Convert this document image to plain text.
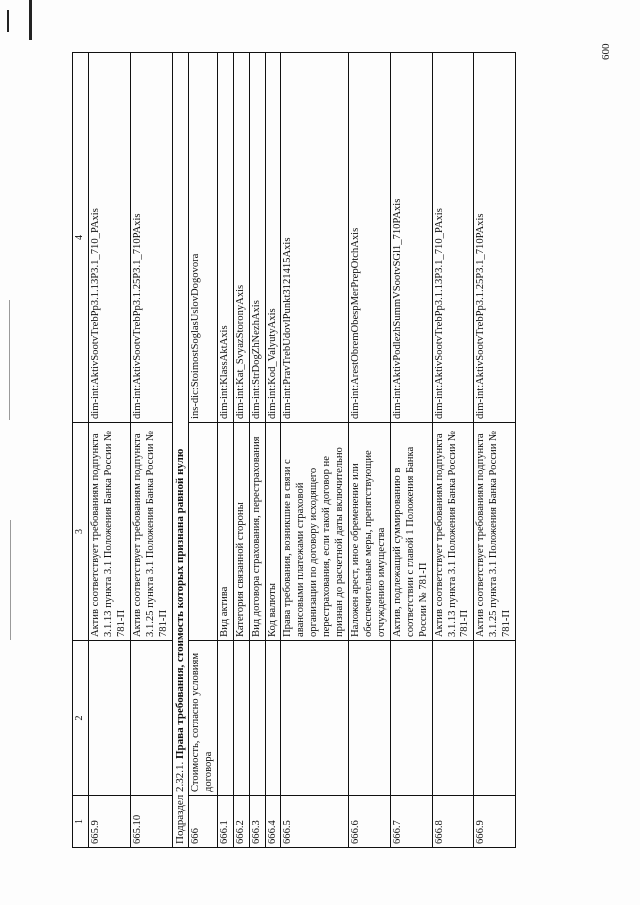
600
1	2	3	4
665.9		Актив соответствует требованиям подпункта 3.1.13 пункта 3.1 Положения Банка России № 781-П	dim-int:AktivSootvTrebPp3.1.13P3.1_710_PAxis
665.10		Актив соответствует требованиям подпункта 3.1.25 пункта 3.1 Положения Банка России № 781-П	dim-int:AktivSootvTrebPp3.1.25P3.1_710PAxis
Подраздел 2.32.1. Права требования, стоимость которых признана равной нулю			
666	Стоимость, согласно условиям договора		ins-dic:StoimostSoglasUslovDogovora
666.1		Вид актива	dim-int:KlassAktAxis
666.2		Категория связанной стороны	dim-int:Kat_SvyazStoronyAxis
666.3		Вид договора страхования, перестрахования	dim-int:StrDogZhNezhAxis
666.4		Код валюты	dim-int:Kod_ValyutyAxis
666.5		Права требования, возникшие в связи с авансовыми платежами страховой организации по договору исходящего перестрахования, если такой договор не признан до расчетной даты включительно	dim-int:PravTrebUdovlPunkt3121415Axis
666.6		Наложен арест, иное обременение или обеспечительные меры, препятствующие отчуждению имущества	dim-int:ArestObremObespMerPrepOtchAxis
666.7		Актив, подлежащий суммированию в соответствии с главой 1 Положения Банка России № 781-П	dim-int:AktivPodlezhSummVSootvSGl1_710PAxis
666.8		Актив соответствует требованиям подпункта 3.1.13 пункта 3.1 Положения Банка России № 781-П	dim-int:AktivSootvTrebPp3.1.13P3.1_710_PAxis
666.9		Актив соответствует требованиям подпункта 3.1.25 пункта 3.1 Положения Банка России № 781-П	dim-int:AktivSootvTrebPp3.1.25P3.1_710PAxis
